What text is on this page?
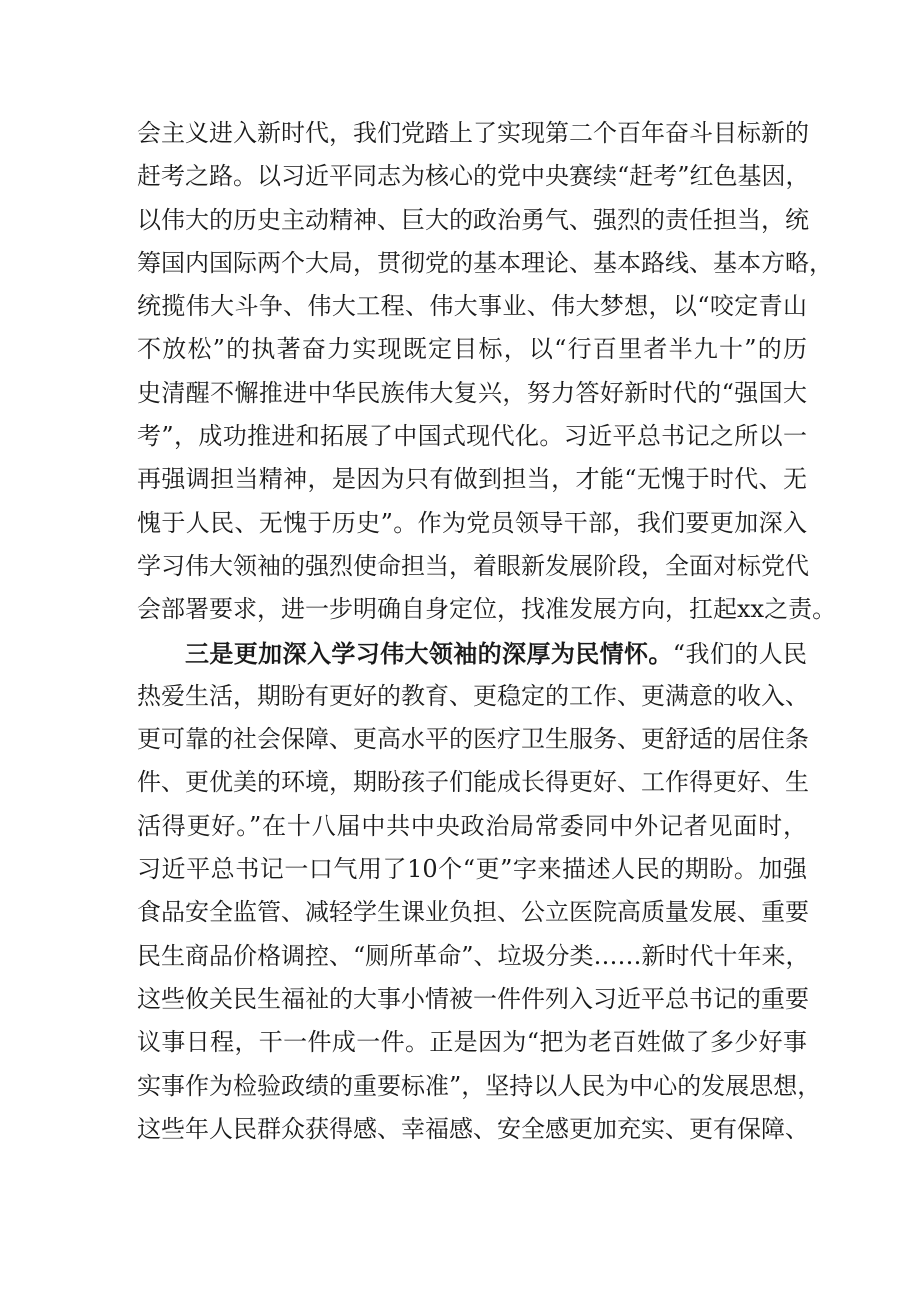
会主义进入新时代，我们党踏上了实现第二个百年奋斗目标新的
赶考之路。以习近平同志为核心的党中央赛续“赶考”红色基因，
以伟大的历史主动精神、巨大的政治勇气、强烈的责任担当，统
筹国内国际两个大局，贯彻党的基本理论、基本路线、基本方略，
统揽伟大斗争、伟大工程、伟大事业、伟大梦想，以“咬定青山
不放松”的执著奋力实现既定目标，以“行百里者半九十”的历
史清醒不懈推进中华民族伟大复兴，努力答好新时代的“强国大
考”，成功推进和拓展了中国式现代化。习近平总书记之所以一
再强调担当精神，是因为只有做到担当，才能“无愧于时代、无
愧于人民、无愧于历史”。作为党员领导干部，我们要更加深入
学习伟大领袖的强烈使命担当，着眼新发展阶段，全面对标党代
会部署要求，进一步明确自身定位，找准发展方向，扛起xx之责。
三是更加深入学习伟大领袖的深厚为民情怀。“我们的人民
热爱生活，期盼有更好的教育、更稳定的工作、更满意的收入、
更可靠的社会保障、更高水平的医疗卫生服务、更舒适的居住条
件、更优美的环境，期盼孩子们能成长得更好、工作得更好、生
活得更好。”在十八届中共中央政治局常委同中外记者见面时，
习近平总书记一口气用了10个“更”字来描述人民的期盼。加强
食品安全监管、减轻学生课业负担、公立医院高质量发展、重要
民生商品价格调控、“厕所革命”、垃圾分类……新时代十年来，
这些攸关民生福祉的大事小情被一件件列入习近平总书记的重要
议事日程，干一件成一件。正是因为“把为老百姓做了多少好事
实事作为检验政绩的重要标准”，坚持以人民为中心的发展思想，
这些年人民群众获得感、幸福感、安全感更加充实、更有保障、
